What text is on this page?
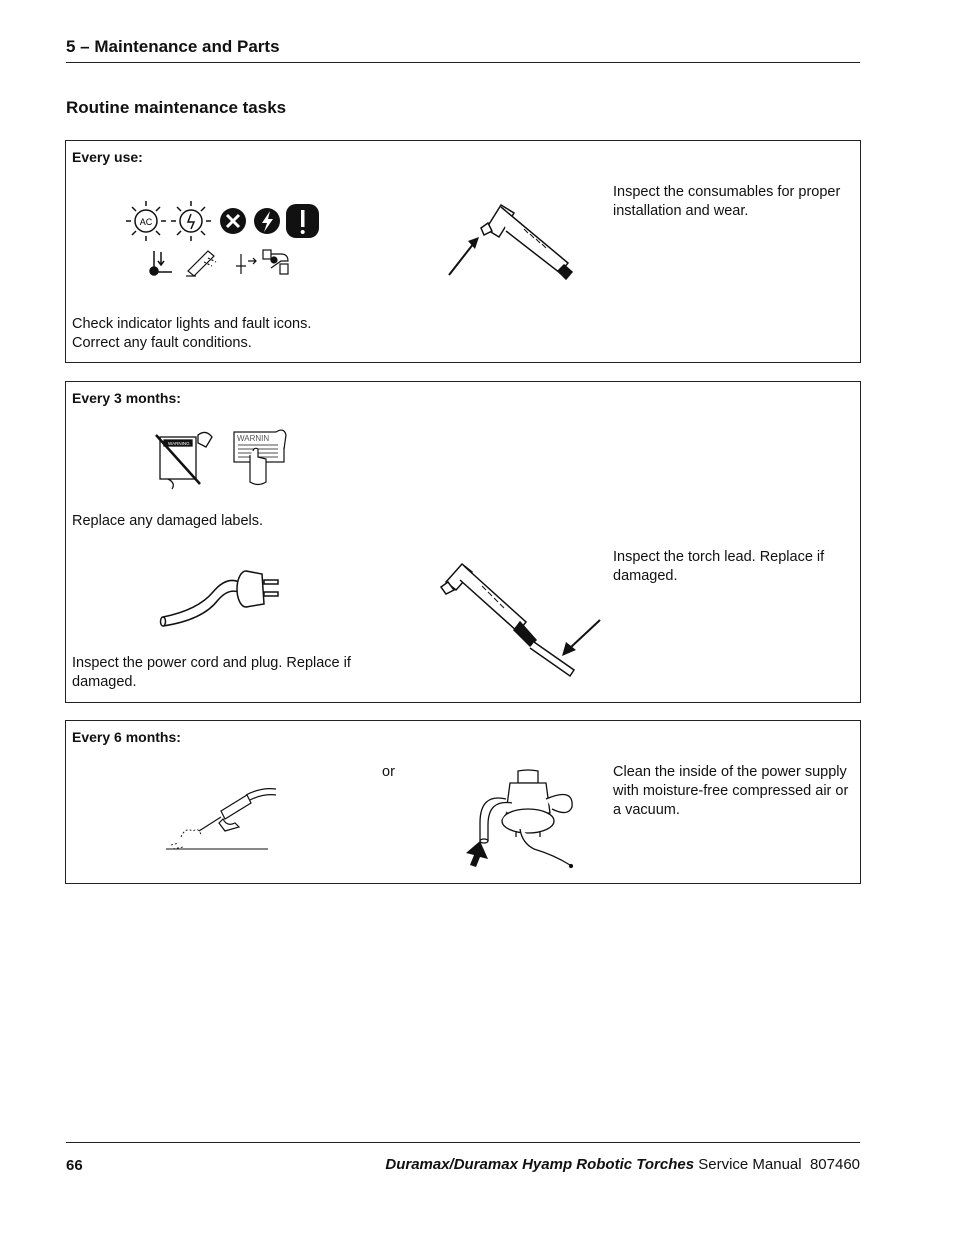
5 – Maintenance and Parts
Routine maintenance tasks
Every use:
AC
Inspect the consumables for proper installation and wear.
Check indicator lights and fault icons.
Correct any fault conditions.
Every 3 months:
WARNING
WARNIN
Replace any damaged labels.
Inspect the torch lead. Replace if damaged.
Inspect the power cord and plug. Replace if damaged.
Every 6 months:
or	Clean the inside of the power supply with moisture-free compressed air or a vacuum.
66	Duramax/Duramax Hyamp Robotic Torches Service Manual  807460
